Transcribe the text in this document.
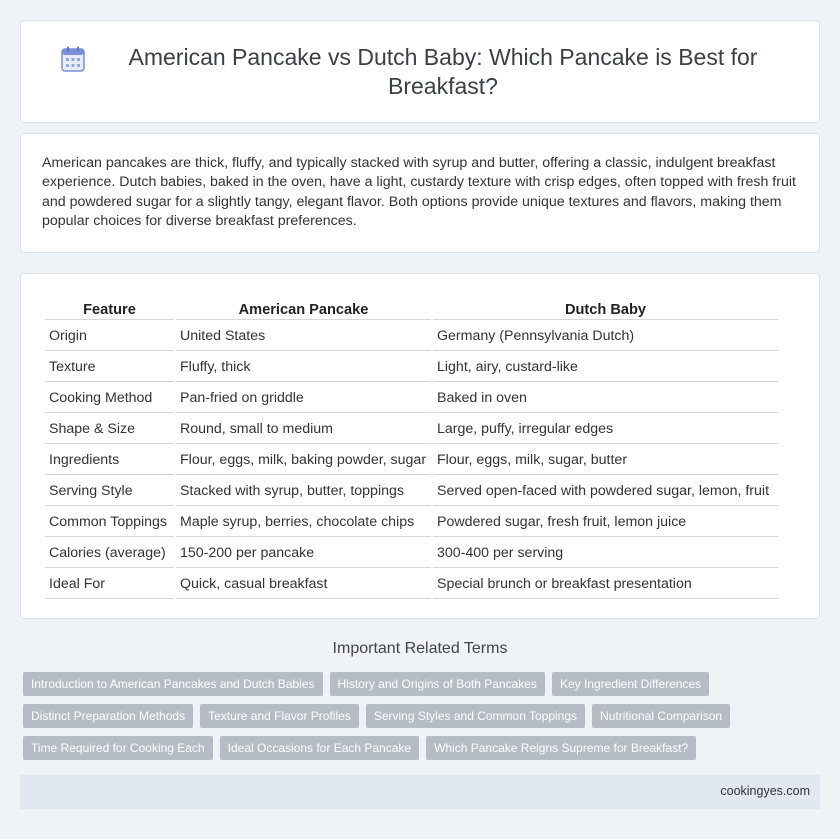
American Pancake vs Dutch Baby: Which Pancake is Best for Breakfast?

American pancakes are thick, fluffy, and typically stacked with syrup and butter, offering a classic, indulgent breakfast experience. Dutch babies, baked in the oven, have a light, custardy texture with crisp edges, often topped with fresh fruit and powdered sugar for a slightly tangy, elegant flavor. Both options provide unique textures and flavors, making them popular choices for diverse breakfast preferences.

Feature	American Pancake	Dutch Baby
Origin	United States	Germany (Pennsylvania Dutch)
Texture	Fluffy, thick	Light, airy, custard-like
Cooking Method	Pan-fried on griddle	Baked in oven
Shape & Size	Round, small to medium	Large, puffy, irregular edges
Ingredients	Flour, eggs, milk, baking powder, sugar	Flour, eggs, milk, sugar, butter
Serving Style	Stacked with syrup, butter, toppings	Served open-faced with powdered sugar, lemon, fruit
Common Toppings	Maple syrup, berries, chocolate chips	Powdered sugar, fresh fruit, lemon juice
Calories (average)	150-200 per pancake	300-400 per serving
Ideal For	Quick, casual breakfast	Special brunch or breakfast presentation
Important Related Terms
Introduction to American Pancakes and Dutch Babies	History and Origins of Both Pancakes	Key Ingredient Differences
Distinct Preparation Methods	Texture and Flavor Profiles	Serving Styles and Common Toppings	Nutritional Comparison
Time Required for Cooking Each	Ideal Occasions for Each Pancake	Which Pancake Reigns Supreme for Breakfast?
cookingyes.com
